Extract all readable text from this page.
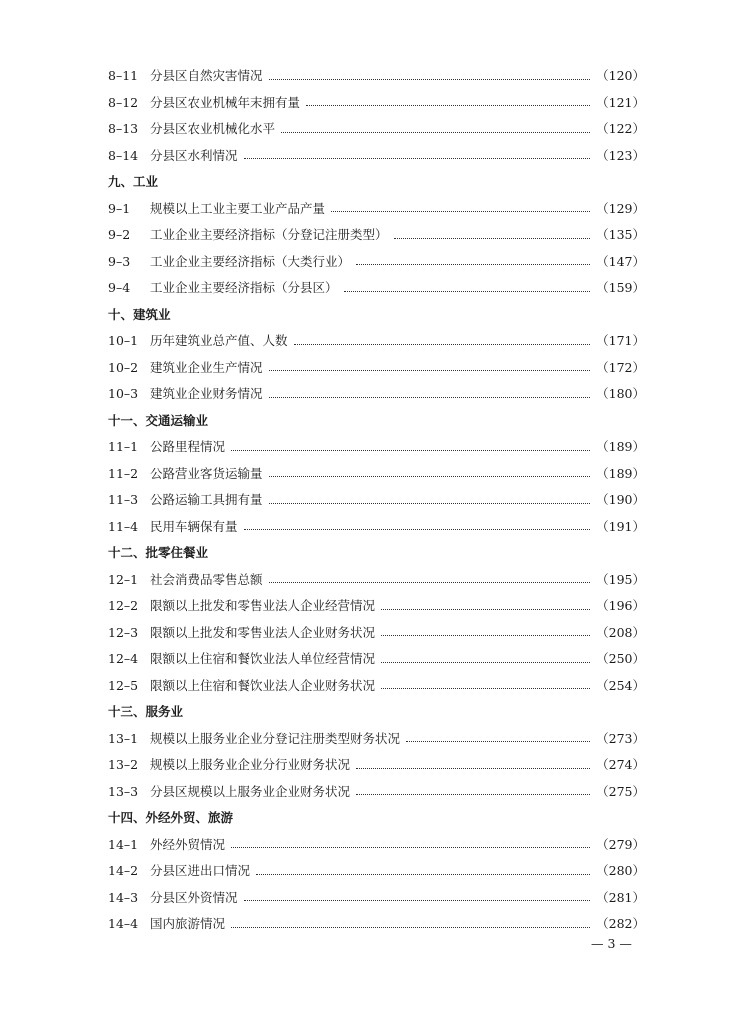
8–11 分县区自然灾害情况	（120）
8–12 分县区农业机械年末拥有量	（121）
8–13 分县区农业机械化水平	（122）
8–14 分县区水利情况	（123）
九、工业
9–1	规模以上工业主要工业产品产量	（129）
9–2	工业企业主要经济指标（分登记注册类型）	（135）
9–3	工业企业主要经济指标（大类行业）	（147）
9–4	工业企业主要经济指标（分县区）	（159）
十、建筑业
10–1 历年建筑业总产值、人数	（171）
10–2 建筑业企业生产情况	（172）
10–3 建筑业企业财务情况	（180）
十一、交通运输业
11–1 公路里程情况	（189）
11–2 公路营业客货运输量	（189）
11–3 公路运输工具拥有量	（190）
11–4 民用车辆保有量	（191）
十二、批零住餐业
12–1 社会消费品零售总额	（195）
12–2 限额以上批发和零售业法人企业经营情况	（196）
12–3 限额以上批发和零售业法人企业财务状况	（208）
12–4 限额以上住宿和餐饮业法人单位经营情况	（250）
12–5 限额以上住宿和餐饮业法人企业财务状况	（254）
十三、服务业
13–1 规模以上服务业企业分登记注册类型财务状况	（273）
13–2 规模以上服务业企业分行业财务状况	（274）
13–3 分县区规模以上服务业企业财务状况	（275）
十四、外经外贸、旅游
14–1 外经外贸情况	（279）
14–2 分县区进出口情况	（280）
14–3 分县区外资情况	（281）
14–4 国内旅游情况	（282）
— 3 —
